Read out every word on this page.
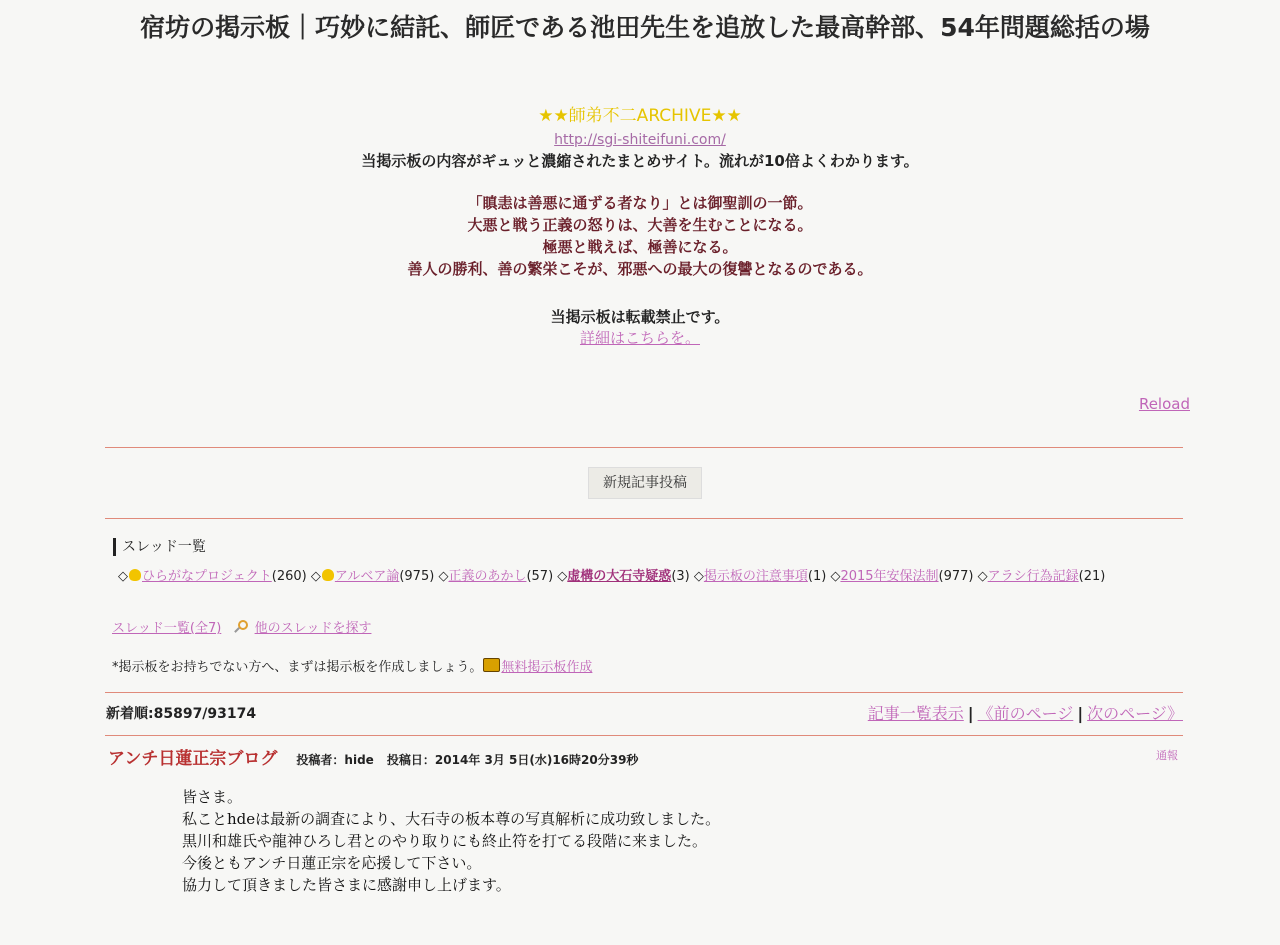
宿坊の掲示板｜巧妙に結託、師匠である池田先生を追放した最高幹部、54年問題総括の場
★★師弟不二ARCHIVE★★
http://sgi-shiteifuni.com/
当掲示板の内容がギュッと濃縮されたまとめサイト。流れが10倍よくわかります。
「瞋恚は善悪に通ずる者なり」とは御聖訓の一節。
大悪と戦う正義の怒りは、大善を生むことになる。
極悪と戦えば、極善になる。
善人の勝利、善の繁栄こそが、邪悪への最大の復讐となるのである。
当掲示板は転載禁止です。
詳細はこちらを。
Reload
新規記事投稿
スレッド一覧
◇ ひらがなプロジェクト(260) ◇ アルベア論(975) ◇正義のあかし(57) ◇虚構の大石寺疑惑(3) ◇掲示板の注意事項(1) ◇2015年安保法制(977) ◇アラシ行為記録(21)
スレッド一覧(全7)	他のスレッドを探す
*掲示板をお持ちでない方へ、まずは掲示板を作成しましょう。 無料掲示板作成
新着順:85897/93174	記事一覧表示 | 《前のページ | 次のページ》
アンチ日蓮正宗ブログ 投稿者：hide 投稿日：2014年 3月 5日(水)16時20分39秒	通報
皆さま。
私ことhdeは最新の調査により、大石寺の板本尊の写真解析に成功致しました。
黒川和雄氏や龍神ひろし君とのやり取りにも終止符を打てる段階に来ました。
今後ともアンチ日蓮正宗を応援して下さい。
協力して頂きました皆さまに感謝申し上げます。
